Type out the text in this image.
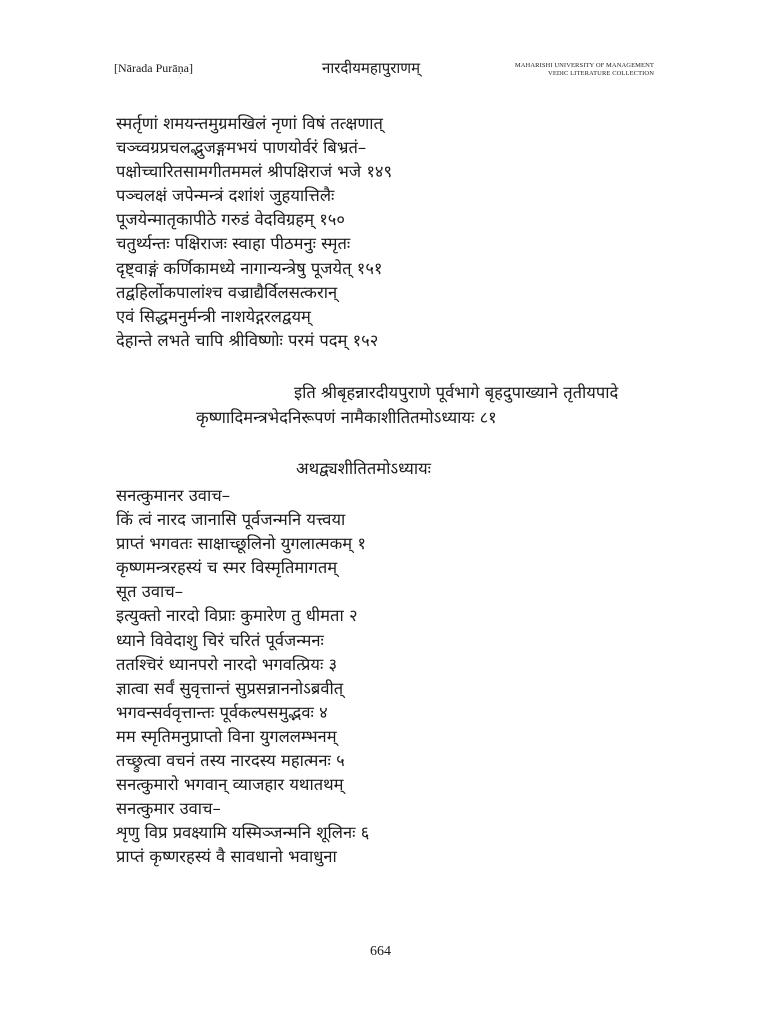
[Nārada Purāṇa]	नारदीयमहापुराणम्	MAHARISHI UNIVERSITY OF MANAGEMENT
VEDIC LITERATURE COLLECTION
स्मर्तृणां शमयन्तमुग्रमखिलं नृणां विषं तत्क्षणात्
चञ्च्वग्रप्रचलद्भुजङ्गमभयं पाणयोर्वरं बिभ्रतं–
पक्षोच्चारितसामगीतममलं श्रीपक्षिराजं भजे १४९
पञ्चलक्षं जपेन्मन्त्रं दशांशं जुहयात्तिलैः
पूजयेन्मातृकापीठे गरुडं वेदविग्रहम् १५०
चतुर्थ्यन्तः पक्षिराजः स्वाहा पीठमनुः स्मृतः
दृष्ट्वाङ्गं कर्णिकामध्ये नागान्यन्त्रेषु पूजयेत् १५१
तद्वहिर्लोकपालांश्च वज्राद्यैर्विलसत्करान्
एवं सिद्धमनुर्मन्त्री नाशयेद्गरलद्वयम्
देहान्ते लभते चापि श्रीविष्णोः परमं पदम् १५२
इति श्रीबृहन्नारदीयपुराणे पूर्वभागे बृहदुपाख्याने तृतीयपादे
कृष्णादिमन्त्रभेदनिरूपणं नामैकाशीतितमोऽध्यायः ८१
अथद्व्यशीतितमोऽध्यायः
सनत्कुमानर उवाच–
किं त्वं नारद जानासि पूर्वजन्मनि यत्त्वया
प्राप्तं भगवतः साक्षाच्छूलिनो युगलात्मकम् १
कृष्णमन्त्ररहस्यं च स्मर विस्मृतिमागतम्
सूत उवाच–
इत्युक्तो नारदो विप्राः कुमारेण तु धीमता २
ध्याने विवेदाशु चिरं चरितं पूर्वजन्मनः
ततश्चिरं ध्यानपरो नारदो भगवत्प्रियः ३
ज्ञात्वा सर्वं सुवृत्तान्तं सुप्रसन्नाननोऽब्रवीत्
भगवन्सर्ववृत्तान्तः पूर्वकल्पसमुद्भवः ४
मम स्मृतिमनुप्राप्तो विना युगललम्भनम्
तच्छ्रुत्वा वचनं तस्य नारदस्य महात्मनः ५
सनत्कुमारो भगवान् व्याजहार यथातथम्
सनत्कुमार उवाच–
शृणु विप्र प्रवक्ष्यामि यस्मिञ्जन्मनि शूलिनः ६
प्राप्तं कृष्णरहस्यं वै सावधानो भवाधुना
664
